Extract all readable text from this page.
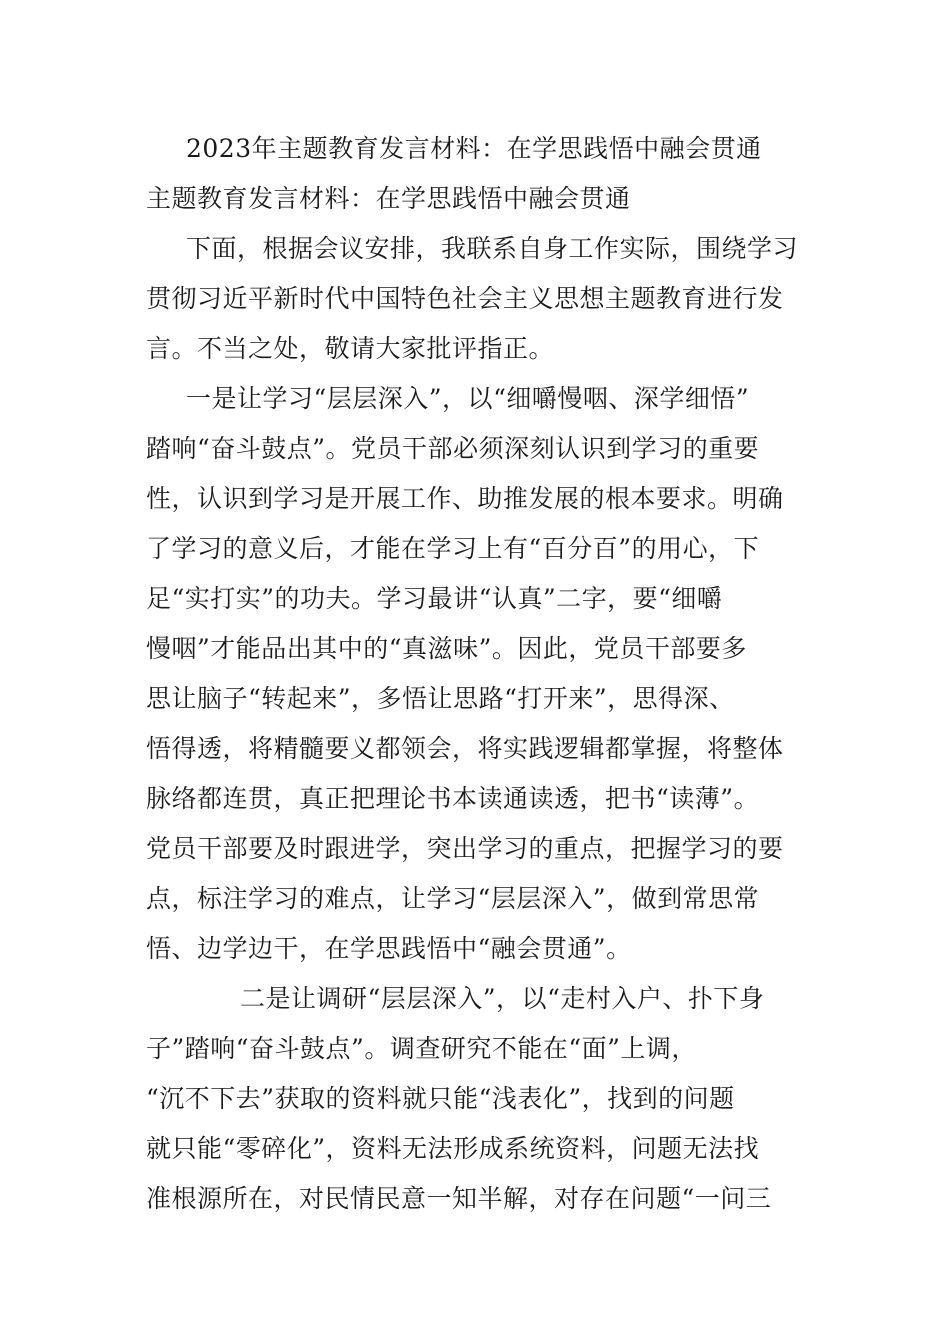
2023年主题教育发言材料：在学思践悟中融会贯通
主题教育发言材料：在学思践悟中融会贯通
下面，根据会议安排，我联系自身工作实际，围绕学习
贯彻习近平新时代中国特色社会主义思想主题教育进行发
言。不当之处，敬请大家批评指正。
一是让学习“层层深入”，以“细嚼慢咽、深学细悟”
踏响“奋斗鼓点”。党员干部必须深刻认识到学习的重要
性，认识到学习是开展工作、助推发展的根本要求。明确
了学习的意义后，才能在学习上有“百分百”的用心，下
足“实打实”的功夫。学习最讲“认真”二字，要“细嚼
慢咽”才能品出其中的“真滋味”。因此，党员干部要多
思让脑子“转起来”，多悟让思路“打开来”，思得深、
悟得透，将精髓要义都领会，将实践逻辑都掌握，将整体
脉络都连贯，真正把理论书本读通读透，把书“读薄”。
党员干部要及时跟进学，突出学习的重点，把握学习的要
点，标注学习的难点，让学习“层层深入”，做到常思常
悟、边学边干，在学思践悟中“融会贯通”。
二是让调研“层层深入”，以“走村入户、扑下身
子”踏响“奋斗鼓点”。调查研究不能在“面”上调，
“沉不下去”获取的资料就只能“浅表化”，找到的问题
就只能“零碎化”，资料无法形成系统资料，问题无法找
准根源所在，对民情民意一知半解，对存在问题“一问三
